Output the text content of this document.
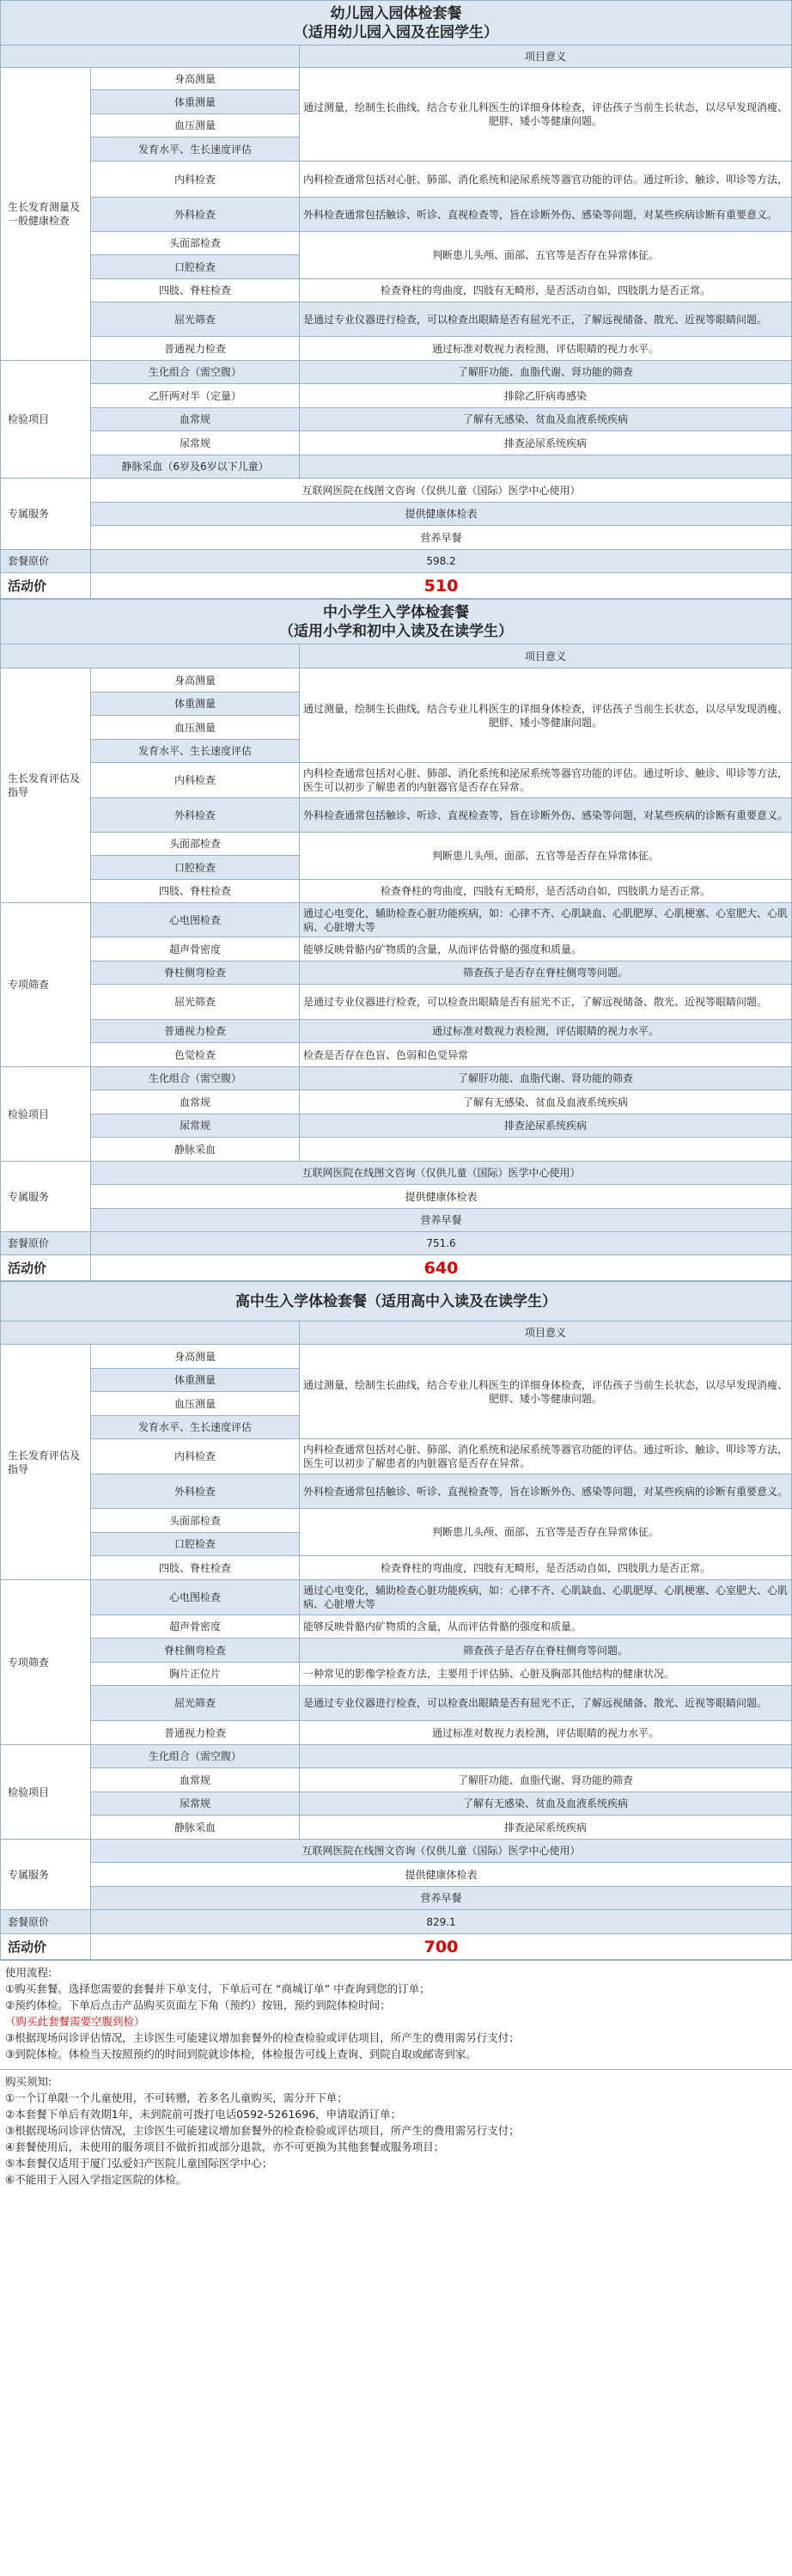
幼儿园入园体检套餐
（适用幼儿园入园及在园学生）		

		项目意义
生长发育测量及一般健康检查	身高测量	通过测量，绘制生长曲线，结合专业儿科医生的详细身体检查，评估孩子当前生长状态，以尽早发现消瘦、肥胖、矮小等健康问题。
	体重测量	
	血压测量	
	发育水平、生长速度评估	
	内科检查	内科检查通常包括对心脏、肺部、消化系统和泌尿系统等器官功能的评估。通过听诊、触诊、叩诊等方法，
	外科检查	外科检查通常包括触诊、听诊、直视检查等，旨在诊断外伤、感染等问题，对某些疾病诊断有重要意义。
	头面部检查	判断患儿头颅、面部、五官等是否存在异常体征。
	口腔检查	
	四肢、脊柱检查	检查脊柱的弯曲度，四肢有无畸形，是否活动自如，四肢肌力是否正常。
	屈光筛查	是通过专业仪器进行检查，可以检查出眼睛是否有屈光不正，了解远视储备、散光、近视等眼睛问题。
	普通视力检查	通过标准对数视力表检测，评估眼睛的视力水平。
检验项目	生化组合（需空腹）	了解肝功能、血脂代谢、肾功能的筛查
	乙肝两对半（定量）	排除乙肝病毒感染
	血常规	了解有无感染、贫血及血液系统疾病
	尿常规	排查泌尿系统疾病
	静脉采血（6岁及6岁以下儿童）	
专属服务	互联网医院在线图文咨询（仅供儿童（国际）医学中心使用）	
	提供健康体检表	
	营养早餐	
套餐原价	598.2	
活动价	510	
中小学生入学体检套餐
（适用小学和初中入读及在读学生）		

		项目意义
生长发育评估及指导	身高测量	通过测量，绘制生长曲线，结合专业儿科医生的详细身体检查，评估孩子当前生长状态，以尽早发现消瘦、肥胖、矮小等健康问题。
	体重测量	
	血压测量	
	发育水平、生长速度评估	
	内科检查	内科检查通常包括对心脏、肺部、消化系统和泌尿系统等器官功能的评估。通过听诊、触诊、叩诊等方法，医生可以初步了解患者的内脏器官是否存在异常。
	外科检查	外科检查通常包括触诊、听诊、直视检查等，旨在诊断外伤、感染等问题，对某些疾病的诊断有重要意义。
	头面部检查	判断患儿头颅、面部、五官等是否存在异常体征。
	口腔检查	
	四肢、脊柱检查	检查脊柱的弯曲度，四肢有无畸形，是否活动自如，四肢肌力是否正常。
专项筛查	心电图检查	通过心电变化，辅助检查心脏功能疾病，如：心律不齐、心肌缺血、心肌肥厚、心肌梗塞、心室肥大、心肌病、心脏增大等
	超声骨密度	能够反映骨骼内矿物质的含量，从而评估骨骼的强度和质量。
	脊柱侧弯检查	筛查孩子是否存在脊柱侧弯等问题。
	屈光筛查	是通过专业仪器进行检查，可以检查出眼睛是否有屈光不正，了解远视储备、散光、近视等眼睛问题。
	普通视力检查	通过标准对数视力表检测，评估眼睛的视力水平。
	色觉检查	检查是否存在色盲、色弱和色觉异常
检验项目	生化组合（需空腹）	了解肝功能、血脂代谢、肾功能的筛查
	血常规	了解有无感染、贫血及血液系统疾病
	尿常规	排查泌尿系统疾病
	静脉采血	
专属服务	互联网医院在线图文咨询（仅供儿童（国际）医学中心使用）	
	提供健康体检表	
	营养早餐	
套餐原价	751.6	
活动价	640	
高中生入学体检套餐（适用高中入读及在读学生）		
		项目意义
生长发育评估及指导	身高测量	通过测量，绘制生长曲线，结合专业儿科医生的详细身体检查，评估孩子当前生长状态，以尽早发现消瘦、肥胖、矮小等健康问题。
	体重测量	
	血压测量	
	发育水平、生长速度评估	
	内科检查	内科检查通常包括对心脏、肺部、消化系统和泌尿系统等器官功能的评估。通过听诊、触诊、叩诊等方法，医生可以初步了解患者的内脏器官是否存在异常。
	外科检查	外科检查通常包括触诊、听诊、直视检查等，旨在诊断外伤、感染等问题，对某些疾病的诊断有重要意义。
	头面部检查	判断患儿头颅、面部、五官等是否存在异常体征。
	口腔检查	
	四肢、脊柱检查	检查脊柱的弯曲度，四肢有无畸形，是否活动自如，四肢肌力是否正常。
专项筛查	心电图检查	通过心电变化，辅助检查心脏功能疾病，如：心律不齐、心肌缺血、心肌肥厚、心肌梗塞、心室肥大、心肌病、心脏增大等
	超声骨密度	能够反映骨骼内矿物质的含量，从而评估骨骼的强度和质量。
	脊柱侧弯检查	筛查孩子是否存在脊柱侧弯等问题。
	胸片正位片	一种常见的影像学检查方法，主要用于评估肺、心脏及胸部其他结构的健康状况。
	屈光筛查	是通过专业仪器进行检查，可以检查出眼睛是否有屈光不正，了解远视储备、散光、近视等眼睛问题。
	普通视力检查	通过标准对数视力表检测，评估眼睛的视力水平。
检验项目	生化组合（需空腹）	
	血常规	了解肝功能、血脂代谢、肾功能的筛查
	尿常规	了解有无感染、贫血及血液系统疾病
	静脉采血	排查泌尿系统疾病
专属服务	互联网医院在线图文咨询（仅供儿童（国际）医学中心使用）	
	提供健康体检表	
	营养早餐	
套餐原价	829.1	
活动价	700	

使用流程:

①购买套餐。选择您需要的套餐并下单支付，下单后可在 “商城订单” 中查询到您的订单；

②预约体检。下单后点击产品购买页面左下角（预约）按钮，预约到院体检时间；

（购买此套餐需要空腹到检）

③根据现场问诊评估情况，主诊医生可能建议增加套餐外的检查检验或评估项目，所产生的费用需另行支付；

③到院体检。体检当天按照预约的时间到院就诊体检，体检报告可线上查询、到院自取或邮寄到家。

购买须知:

①一个订单限一个儿童使用，不可转赠，若多名儿童购买，需分开下单；

②本套餐下单后有效期1年，未到院前可拨打电话0592-5261696，申请取消订单；

③根据现场问诊评估情况，主诊医生可能建议增加套餐外的检查检验或评估项目，所产生的费用需另行支付；

④套餐使用后，未使用的服务项目不做折扣或部分退款，亦不可更换为其他套餐或服务项目；

⑤本套餐仅适用于厦门弘爱妇产医院儿童国际医学中心；

⑥不能用于入园入学指定医院的体检。
